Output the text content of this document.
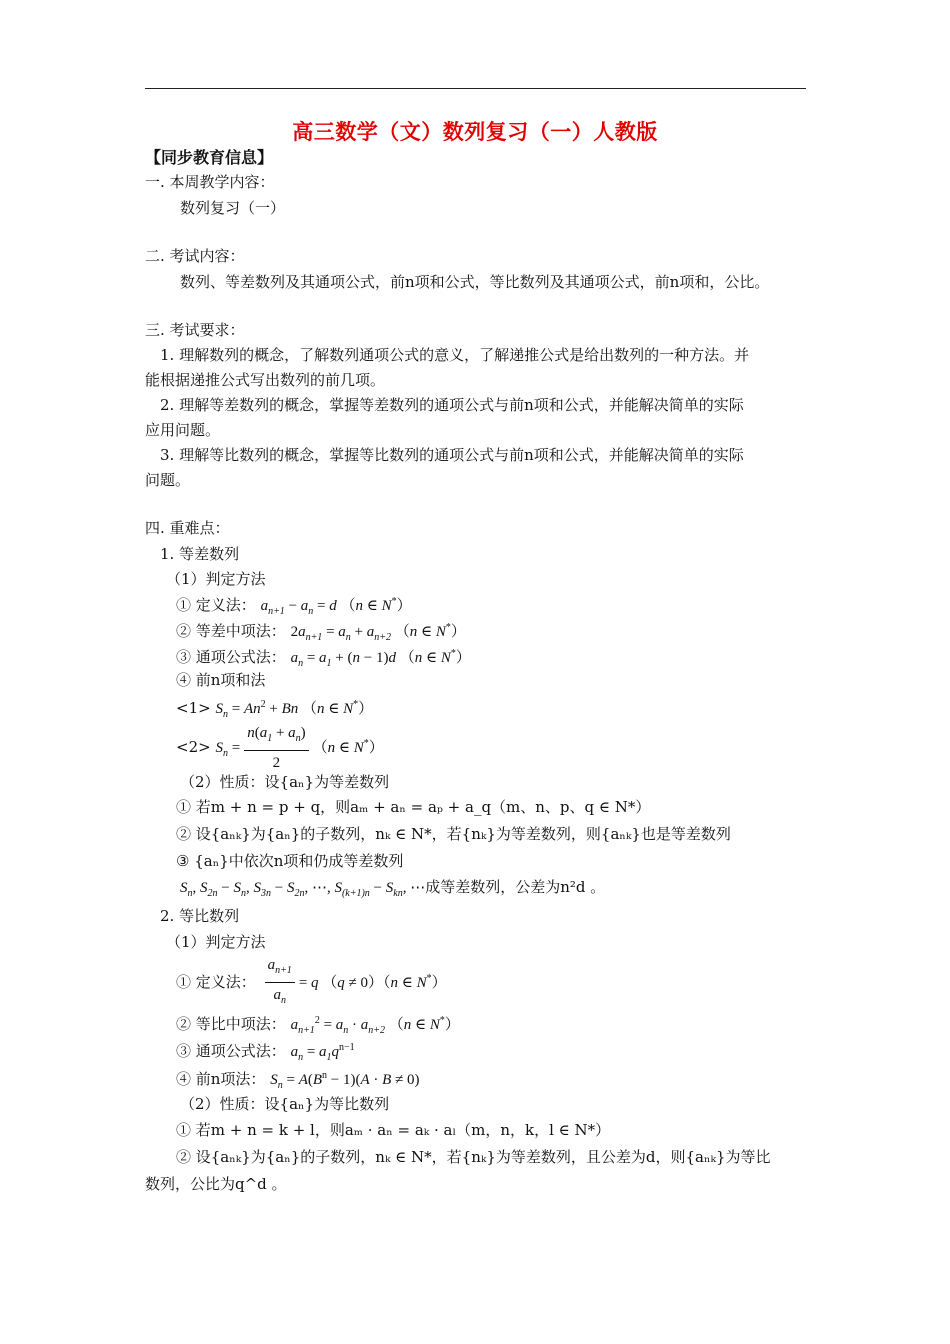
高三数学（文）数列复习（一）人教版
【同步教育信息】
一. 本周教学内容：
数列复习（一）
二. 考试内容：
数列、等差数列及其通项公式，前n项和公式，等比数列及其通项公式，前n项和，公比。
三. 考试要求：
1. 理解数列的概念，了解数列通项公式的意义，了解递推公式是给出数列的一种方法。并
能根据递推公式写出数列的前几项。
2. 理解等差数列的概念，掌握等差数列的通项公式与前n项和公式，并能解决简单的实际
应用问题。
3. 理解等比数列的概念，掌握等比数列的通项公式与前n项和公式，并能解决简单的实际
问题。
四. 重难点：
1. 等差数列
（1）判定方法
① 定义法： $a_{n+1} - a_n = d$ （n ∈ N*）
② 等差中项法： $2a_{n+1} = a_n + a_{n+2}$ （n ∈ N*）
③ 通项公式法： $a_n = a_1 + (n - 1)d$ （n ∈ N*）
④ 前n项和法
$<1> S_n = An^2 + Bn$ （n ∈ N*）
$<2> S_n = \frac{n(a_1 + a_n)}{2} (n$ ∈ N*）
（2）性质：设{aₙ}为等差数列
① 若m + n = p + q，则aₘ + aₙ = aₚ + a_q（m、n、p、q ∈ N*）
② 设{aₙₖ}为{aₙ}的子数列，nₖ ∈ N*，若{nₖ}为等差数列，则{aₙₖ}也是等差数列
③ {aₙ}中依次n项和仍成等差数列
$S_n$, $S_{2n} - S_n$, $S_{3n} - S_{2n}$, ⋯, $S_{(k+1)n} - S_{kn}$, ⋯成等差数列，公差为n²d 。
2. 等比数列
（1）判定方法
① 定义法： $\frac{a_{n+1}}{a_n} = q$ （q ≠ 0）（n ∈ N*）
② 等比中项法： $a_{n+1}^2 = a_n \cdot a_{n+2}$ （n ∈ N*）
③ 通项公式法： $a_n = a_1q^{n-1}$
④ 前n项法： $S_n = A(B^n - 1)(A \cdot B \ne 0)$
（2）性质：设{aₙ}为等比数列
① 若m + n = k + l，则aₘ · aₙ = aₖ · aₗ（m，n，k，l ∈ N*）
② 设{aₙₖ}为{aₙ}的子数列，nₖ ∈ N*，若{nₖ}为等差数列，且公差为d，则{aₙₖ}为等比
数列，公比为q^d 。
